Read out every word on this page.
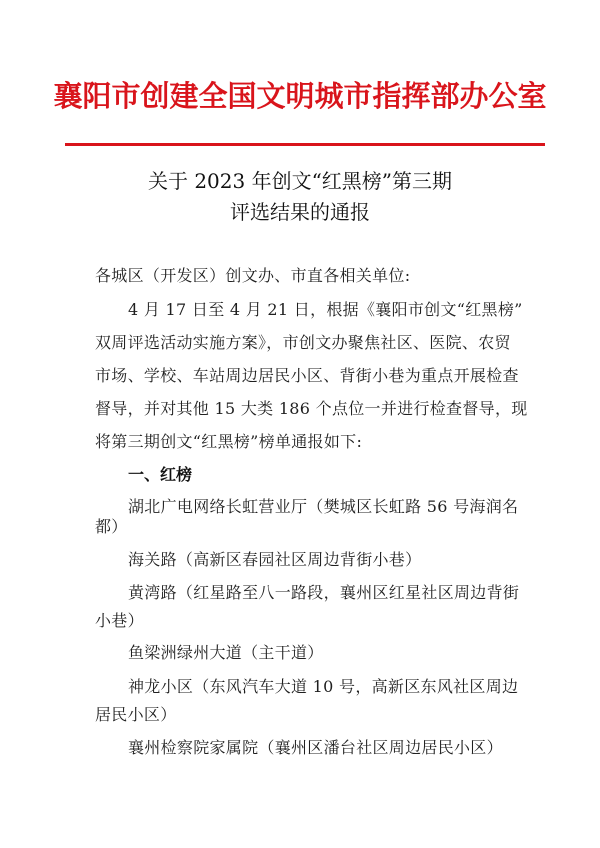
襄阳市创建全国文明城市指挥部办公室
关于 2023 年创文“红黑榜”第三期
评选结果的通报
各城区（开发区）创文办、市直各相关单位:
4 月 17 日至 4 月 21 日，根据《襄阳市创文“红黑榜”
双周评选活动实施方案》，市创文办聚焦社区、医院、农贸
市场、学校、车站周边居民小区、背街小巷为重点开展检查
督导，并对其他 15 大类 186 个点位一并进行检查督导，现
将第三期创文“红黑榜”榜单通报如下:
一、红榜
湖北广电网络长虹营业厅（樊城区长虹路 56 号海润名
都）
海关路（高新区春园社区周边背街小巷）
黄湾路（红星路至八一路段，襄州区红星社区周边背街
小巷）
鱼梁洲绿州大道（主干道）
神龙小区（东风汽车大道 10 号，高新区东风社区周边
居民小区）
襄州检察院家属院（襄州区潘台社区周边居民小区）
